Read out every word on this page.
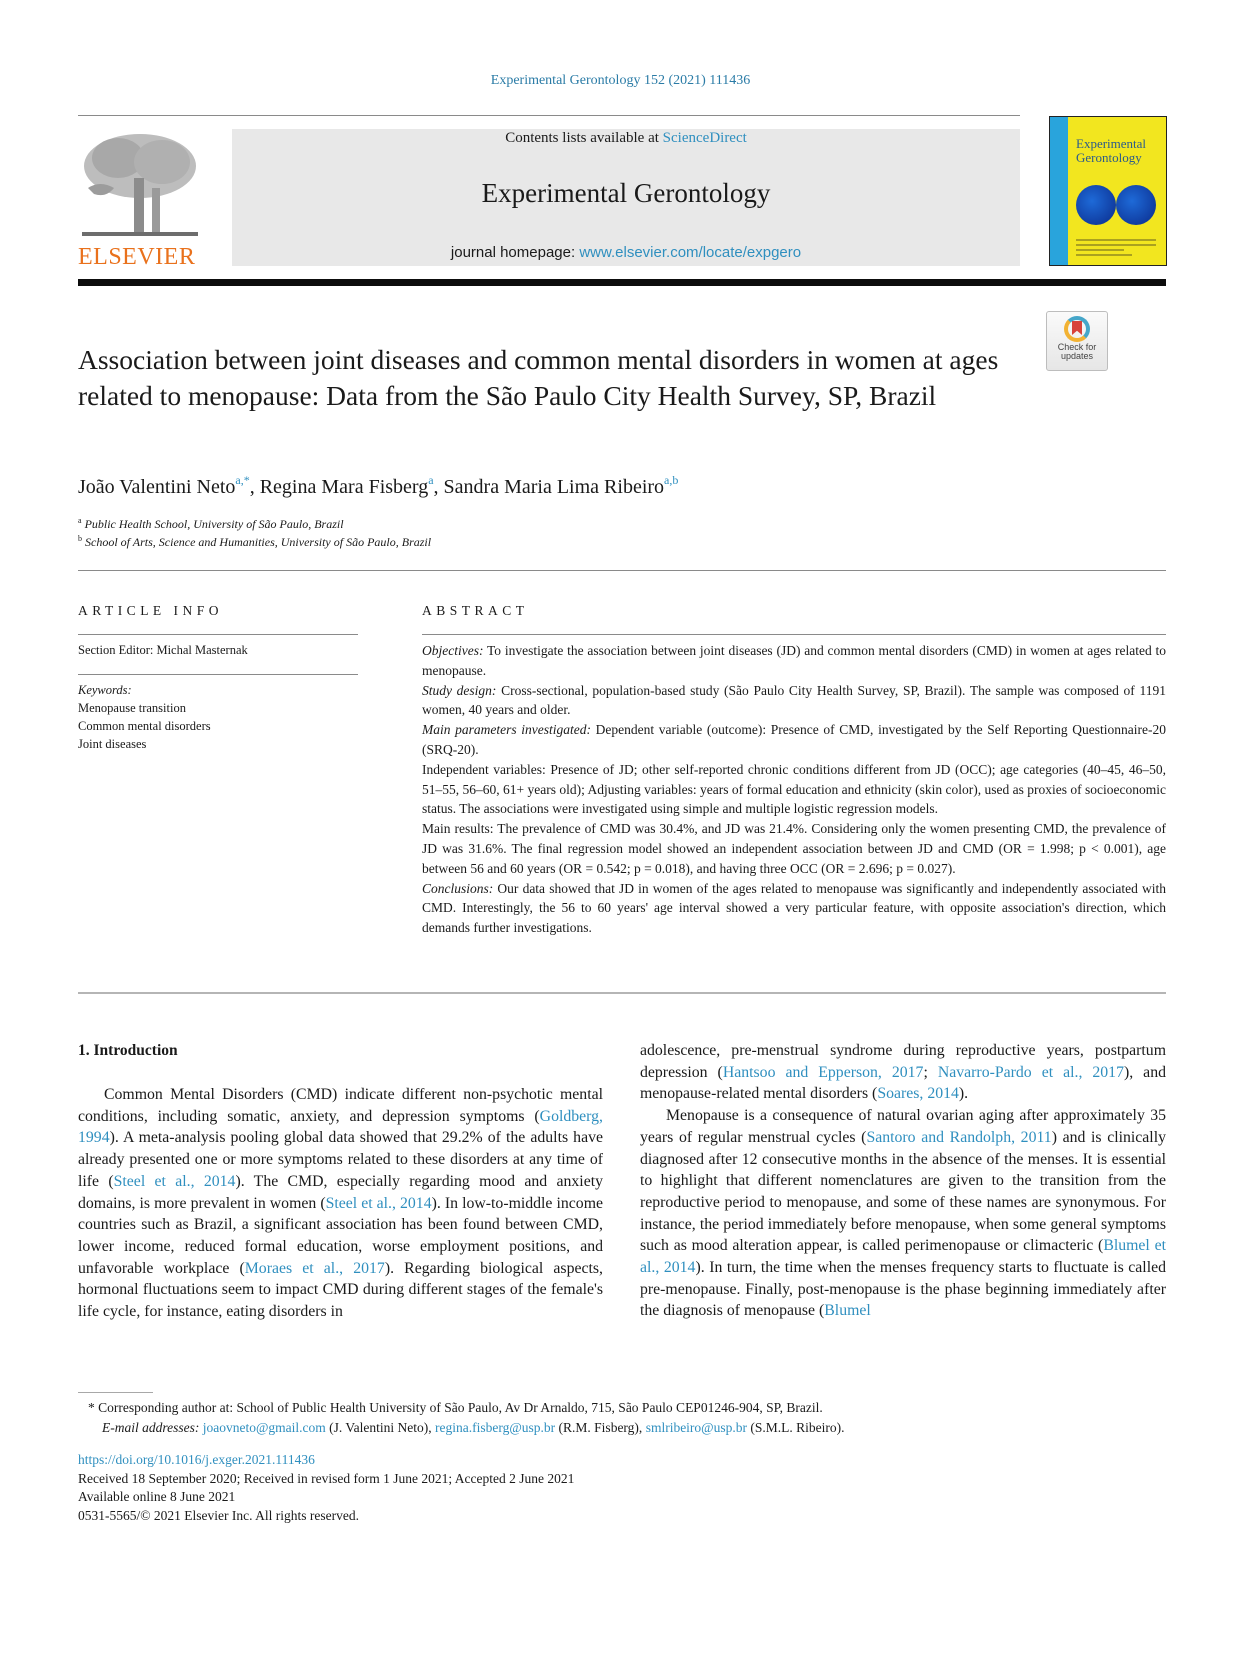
Experimental Gerontology 152 (2021) 111436
ELSEVIER
Contents lists available at ScienceDirect
Experimental Gerontology
journal homepage: www.elsevier.com/locate/expgero
Experimental
Gerontology
Check for
updates
Association between joint diseases and common mental disorders in women at ages related to menopause: Data from the São Paulo City Health Survey, SP, Brazil
João Valentini Neto$^{a,*}$, Regina Mara Fisberg$^a$, Sandra Maria Lima Ribeiro$^{a,b}$
$^a$ Public Health School, University of São Paulo, Brazil
$^b$ School of Arts, Science and Humanities, University of São Paulo, Brazil
ARTICLE INFO
Section Editor: Michal Masternak
Keywords:
Menopause transition
Common mental disorders
Joint diseases
ABSTRACT

Objectives: To investigate the association between joint diseases (JD) and common mental disorders (CMD) in women at ages related to menopause.

Study design: Cross-sectional, population-based study (São Paulo City Health Survey, SP, Brazil). The sample was composed of 1191 women, 40 years and older.

Main parameters investigated: Dependent variable (outcome): Presence of CMD, investigated by the Self Reporting Questionnaire-20 (SRQ-20).

Independent variables: Presence of JD; other self-reported chronic conditions different from JD (OCC); age categories (40–45, 46–50, 51–55, 56–60, 61+ years old); Adjusting variables: years of formal education and ethnicity (skin color), used as proxies of socioeconomic status. The associations were investigated using simple and multiple logistic regression models.

Main results: The prevalence of CMD was 30.4%, and JD was 21.4%. Considering only the women presenting CMD, the prevalence of JD was 31.6%. The final regression model showed an independent association between JD and CMD (OR = 1.998; p < 0.001), age between 56 and 60 years (OR = 0.542; p = 0.018), and having three OCC (OR = 2.696; p = 0.027).

Conclusions: Our data showed that JD in women of the ages related to menopause was significantly and independently associated with CMD. Interestingly, the 56 to 60 years' age interval showed a very particular feature, with opposite association's direction, which demands further investigations.

1. Introduction

Common Mental Disorders (CMD) indicate different non-psychotic mental conditions, including somatic, anxiety, and depression symptoms (Goldberg, 1994). A meta-analysis pooling global data showed that 29.2% of the adults have already presented one or more symptoms related to these disorders at any time of life (Steel et al., 2014). The CMD, especially regarding mood and anxiety domains, is more prevalent in women (Steel et al., 2014). In low-to-middle income countries such as Brazil, a significant association has been found between CMD, lower income, reduced formal education, worse employment positions, and unfavorable workplace (Moraes et al., 2017). Regarding biological aspects, hormonal fluctuations seem to impact CMD during different stages of the female's life cycle, for instance, eating disorders in

adolescence, pre-menstrual syndrome during reproductive years, postpartum depression (Hantsoo and Epperson, 2017; Navarro-Pardo et al., 2017), and menopause-related mental disorders (Soares, 2014).

Menopause is a consequence of natural ovarian aging after approximately 35 years of regular menstrual cycles (Santoro and Randolph, 2011) and is clinically diagnosed after 12 consecutive months in the absence of the menses. It is essential to highlight that different nomenclatures are given to the transition from the reproductive period to menopause, and some of these names are synonymous. For instance, the period immediately before menopause, when some general symptoms such as mood alteration appear, is called perimenopause or climacteric (Blumel et al., 2014). In turn, the time when the menses frequency starts to fluctuate is called pre-menopause. Finally, post-menopause is the phase beginning immediately after the diagnosis of menopause (Blumel

* Corresponding author at: School of Public Health University of São Paulo, Av Dr Arnaldo, 715, São Paulo CEP01246-904, SP, Brazil.
E-mail addresses: joaovneto@gmail.com (J. Valentini Neto), regina.fisberg@usp.br (R.M. Fisberg), smlribeiro@usp.br (S.M.L. Ribeiro).
https://doi.org/10.1016/j.exger.2021.111436
Received 18 September 2020; Received in revised form 1 June 2021; Accepted 2 June 2021
Available online 8 June 2021
0531-5565/© 2021 Elsevier Inc. All rights reserved.
